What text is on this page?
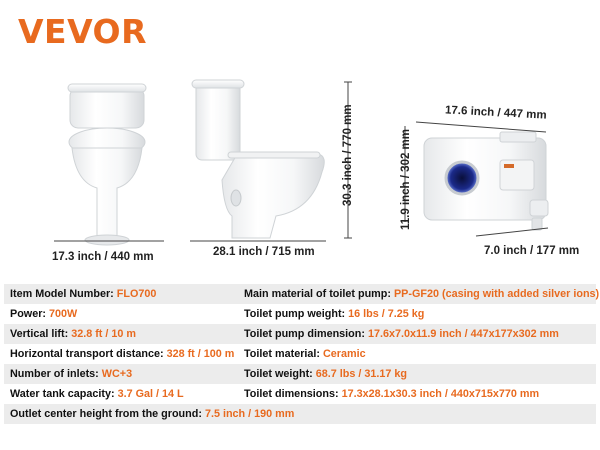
VEVOR
17.3 inch / 440 mm	28.1 inch / 715 mm
30.3 inch / 770 mm	17.6 inch / 447 mm
11.9 inch / 302 mm
7.0 inch / 177 mm
Item Model Number: FLO700	Main material of toilet pump: PP-GF20 (casing with added silver ions)
Power: 700W	Toilet pump weight: 16 lbs / 7.25 kg
Vertical lift: 32.8 ft / 10 m	Toilet pump dimension: 17.6x7.0x11.9 inch / 447x177x302 mm
Horizontal transport distance: 328 ft / 100 m Toilet material: Ceramic
Number of inlets: WC+3	Toilet weight: 68.7 lbs / 31.17 kg
Water tank capacity: 3.7 Gal / 14 L	Toilet dimensions: 17.3x28.1x30.3 inch / 440x715x770 mm
Outlet center height from the ground: 7.5 inch / 190 mm
